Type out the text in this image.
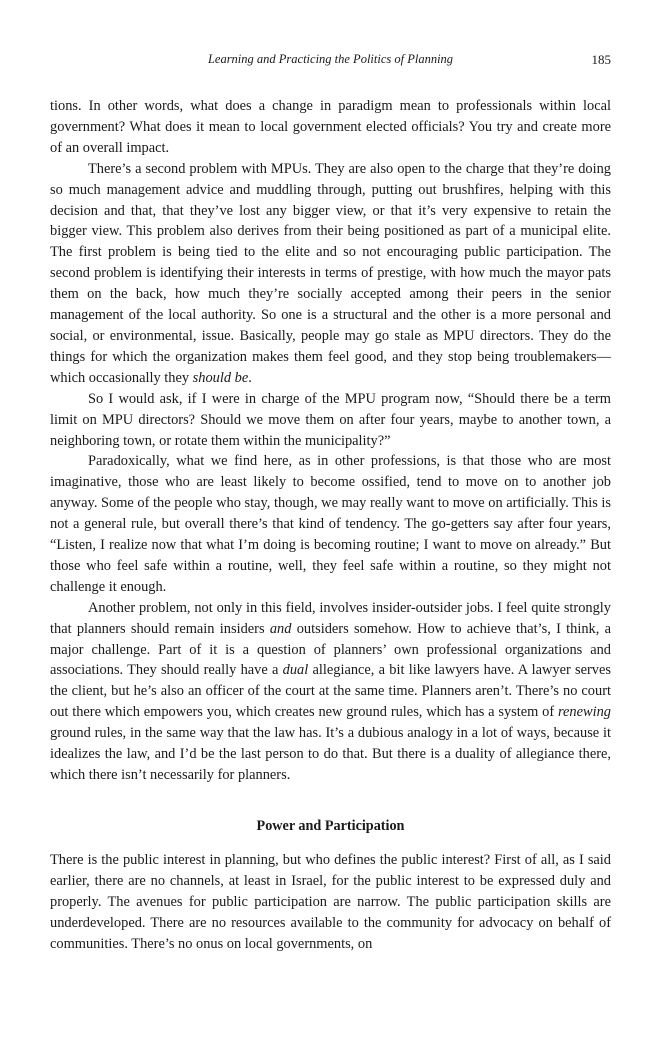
Learning and Practicing the Politics of Planning	185

tions. In other words, what does a change in paradigm mean to professionals within local government? What does it mean to local government elected officials? You try and create more of an overall impact.

There’s a second problem with MPUs. They are also open to the charge that they’re doing so much management advice and muddling through, putting out brushfires, helping with this decision and that, that they’ve lost any bigger view, or that it’s very expensive to retain the bigger view. This problem also derives from their being positioned as part of a municipal elite. The first problem is being tied to the elite and so not encouraging public participation. The second problem is identifying their interests in terms of prestige, with how much the mayor pats them on the back, how much they’re socially accepted among their peers in the senior management of the local authority. So one is a structural and the other is a more personal and social, or environmental, issue. Basically, people may go stale as MPU directors. They do the things for which the organization makes them feel good, and they stop being troublemakers—which occasionally they should be.

So I would ask, if I were in charge of the MPU program now, “Should there be a term limit on MPU directors? Should we move them on after four years, maybe to another town, a neighboring town, or rotate them within the municipality?”

Paradoxically, what we find here, as in other professions, is that those who are most imaginative, those who are least likely to become ossified, tend to move on to another job anyway. Some of the people who stay, though, we may really want to move on artificially. This is not a general rule, but overall there’s that kind of tendency. The go-getters say after four years, “Listen, I realize now that what I’m doing is becoming routine; I want to move on already.” But those who feel safe within a routine, well, they feel safe within a routine, so they might not challenge it enough.

Another problem, not only in this field, involves insider-outsider jobs. I feel quite strongly that planners should remain insiders and outsiders somehow. How to achieve that’s, I think, a major challenge. Part of it is a question of planners’ own professional organizations and associations. They should really have a dual allegiance, a bit like lawyers have. A lawyer serves the client, but he’s also an officer of the court at the same time. Planners aren’t. There’s no court out there which empowers you, which creates new ground rules, which has a system of renewing ground rules, in the same way that the law has. It’s a dubious analogy in a lot of ways, because it idealizes the law, and I’d be the last person to do that. But there is a duality of allegiance there, which there isn’t necessarily for planners.

Power and Participation

There is the public interest in planning, but who defines the public interest? First of all, as I said earlier, there are no channels, at least in Israel, for the public interest to be expressed duly and properly. The avenues for public participation are narrow. The public participation skills are underdeveloped. There are no resources available to the community for advocacy on behalf of communities. There’s no onus on local governments, on
